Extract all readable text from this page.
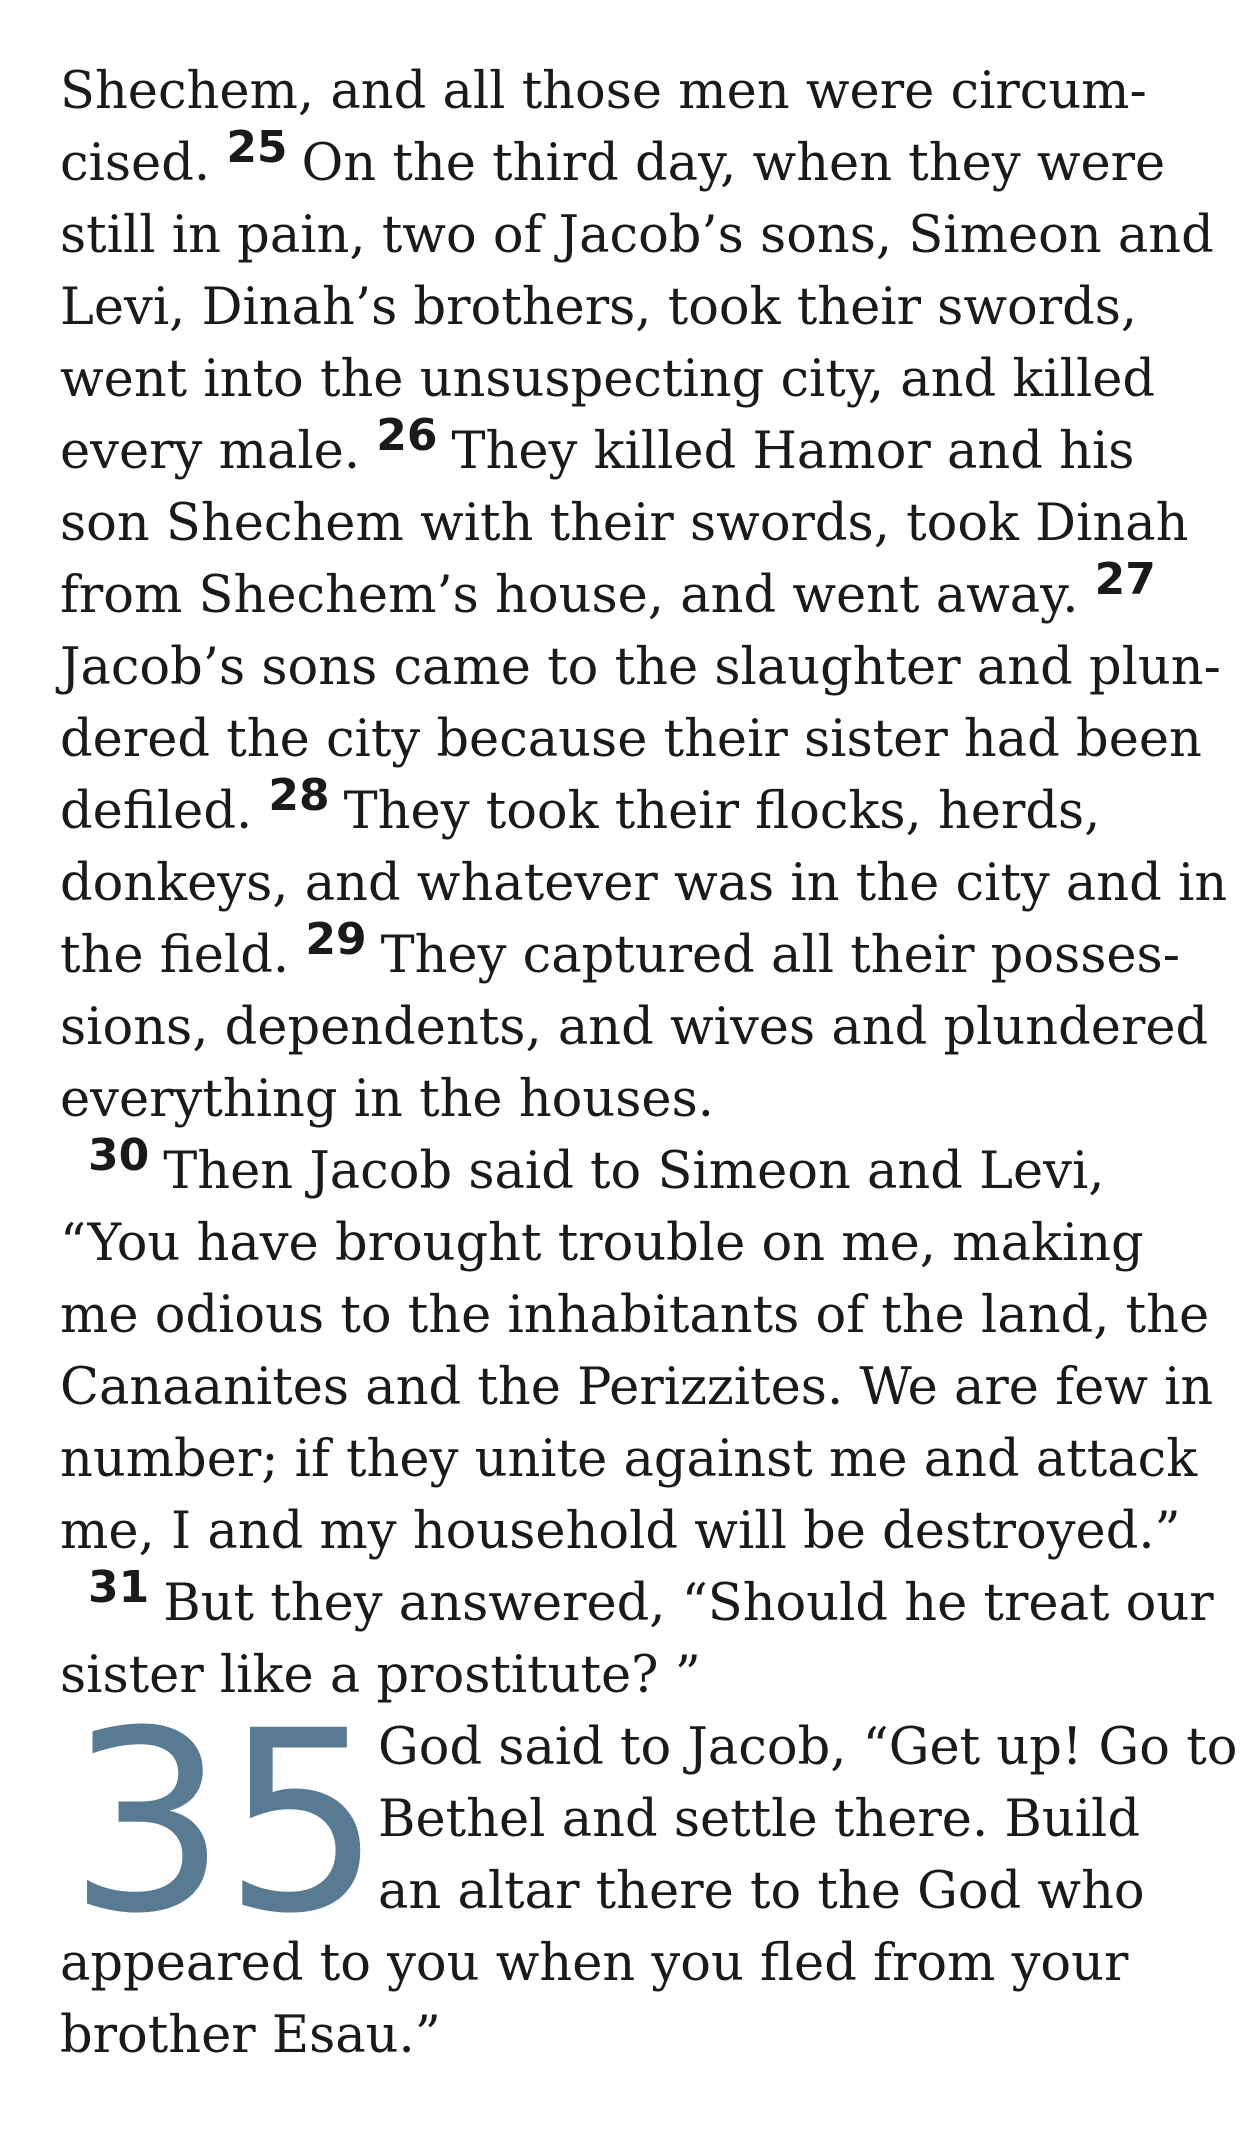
Shechem, and all those men were circum-
cised. 25 On the third day, when they were
still in pain, two of Jacob’s sons, Simeon and
Levi, Dinah’s brothers, took their swords,
went into the unsuspecting city, and killed
every male. 26 They killed Hamor and his
son Shechem with their swords, took Dinah
from Shechem’s house, and went away. 27
Jacob’s sons came to the slaughter and plun-
dered the city because their sister had been
defiled. 28 They took their flocks, herds,
donkeys, and whatever was in the city and in
the field. 29 They captured all their posses-
sions, dependents, and wives and plundered
everything in the houses.
30 Then Jacob said to Simeon and Levi,
“You have brought trouble on me, making
me odious to the inhabitants of the land, the
Canaanites and the Perizzites. We are few in
number; if they unite against me and attack
me, I and my household will be destroyed.”
31 But they answered, “Should he treat our
sister like a prostitute? ”
35 God said to Jacob, “Get up! Go to
Bethel and settle there. Build
an altar there to the God who
appeared to you when you fled from your
brother Esau.”
